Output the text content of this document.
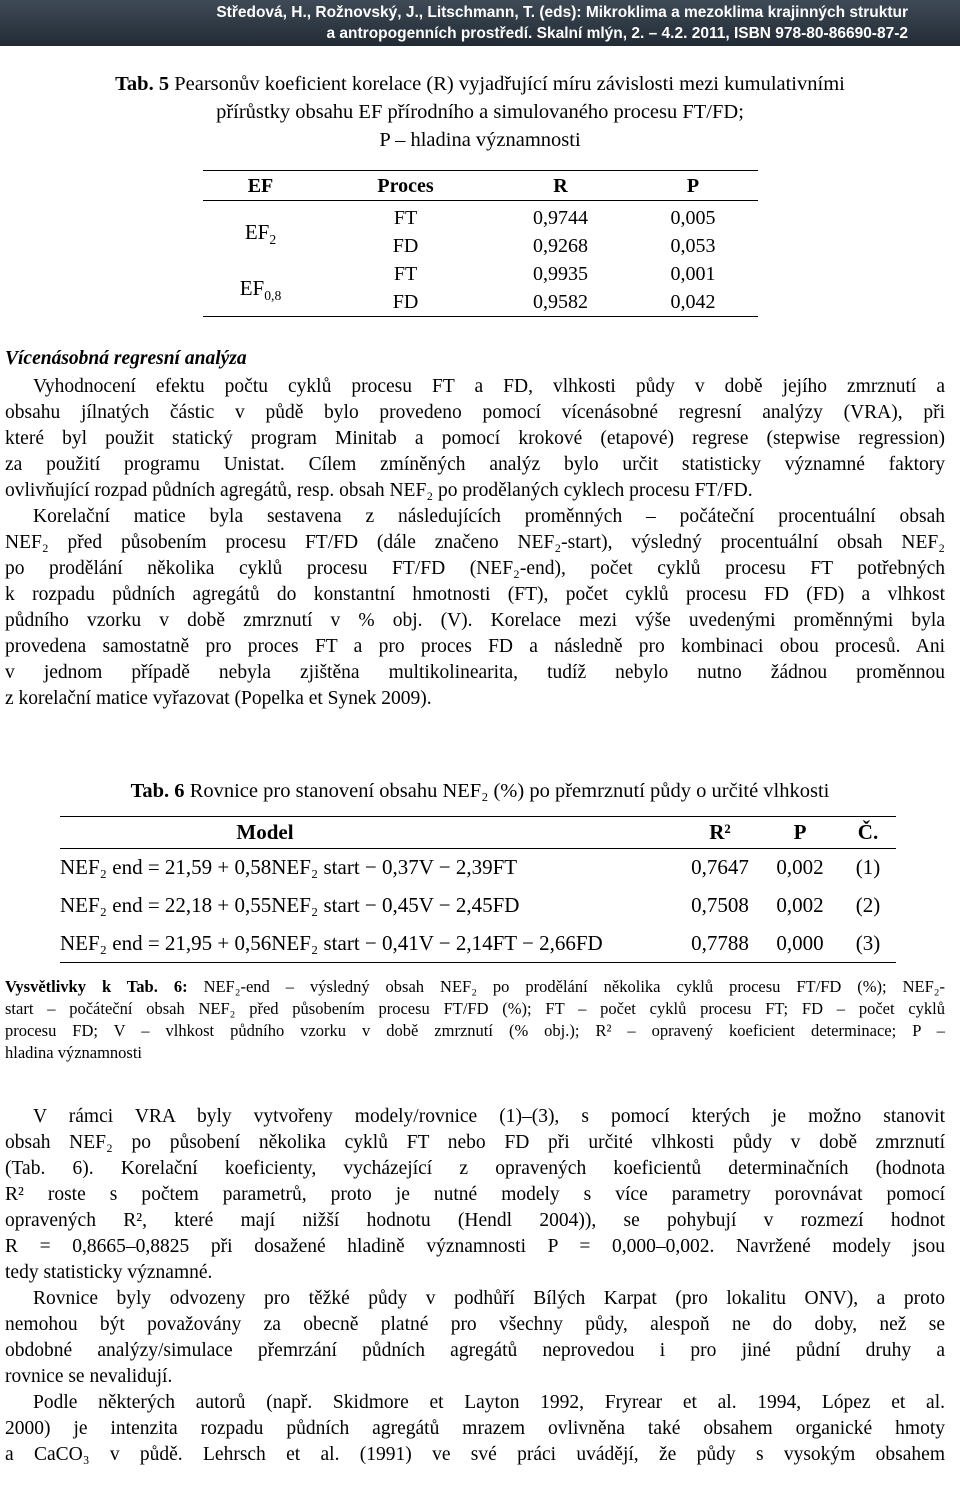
Středová, H., Rožnovský, J., Litschmann, T. (eds): Mikroklima a mezoklima krajinných struktur
a antropogenních prostředí. Skalní mlýn, 2. – 4.2. 2011, ISBN 978-80-86690-87-2
Tab. 5 Pearsonův koeficient korelace (R) vyjadřující míru závislosti mezi kumulativními
přírůstky obsahu EF přírodního a simulovaného procesu FT/FD;
P – hladina významnosti
EF	Proces	R	P

$EF_2$	FT	0,9744	0,005
	FD	0,9268	0,053
$EF_{0,8}$	FT	0,9935	0,001
	FD	0,9582	0,042
Vícenásobná regresní analýza
Vyhodnocení efektu počtu cyklů procesu FT a FD, vlhkosti půdy v době jejího zmrznutí a
obsahu jílnatých částic v půdě bylo provedeno pomocí vícenásobné regresní analýzy (VRA), při
které byl použit statický program Minitab a pomocí krokové (etapové) regrese (stepwise regression)
za použití programu Unistat. Cílem zmíněných analýz bylo určit statisticky významné faktory
ovlivňující rozpad půdních agregátů, resp. obsah NEF₂ po prodělaných cyklech procesu FT/FD.
Korelační matice byla sestavena z následujících proměnných – počáteční procentuální obsah
NEF₂ před působením procesu FT/FD (dále značeno NEF₂-start), výsledný procentuální obsah NEF₂
po prodělání několika cyklů procesu FT/FD (NEF₂-end), počet cyklů procesu FT potřebných
k rozpadu půdních agregátů do konstantní hmotnosti (FT), počet cyklů procesu FD (FD) a vlhkost
půdního vzorku v době zmrznutí v % obj. (V). Korelace mezi výše uvedenými proměnnými byla
provedena samostatně pro proces FT a pro proces FD a následně pro kombinaci obou procesů. Ani
v jednom případě nebyla zjištěna multikolinearita, tudíž nebylo nutno žádnou proměnnou
z korelační matice vyřazovat (Popelka et Synek 2009).
Tab. 6 Rovnice pro stanovení obsahu NEF₂ (%) po přemrznutí půdy o určité vlhkosti
Model	R²	P	Č.
NEF₂ end = 21,59 + 0,58NEF₂ start − 0,37V − 2,39FT	0,7647	0,002	(1)
NEF₂ end = 22,18 + 0,55NEF₂ start − 0,45V − 2,45FD	0,7508	0,002	(2)
NEF₂ end = 21,95 + 0,56NEF₂ start − 0,41V − 2,14FT − 2,66FD	0,7788	0,000	(3)
Vysvětlivky k Tab. 6: NEF₂-end – výsledný obsah NEF₂ po prodělání několika cyklů procesu FT/FD (%); NEF₂-
start – počáteční obsah NEF₂ před působením procesu FT/FD (%); FT – počet cyklů procesu FT; FD – počet cyklů
procesu FD; V – vlhkost půdního vzorku v době zmrznutí (% obj.); R² – opravený koeficient determinace; P –
hladina významnosti
V rámci VRA byly vytvořeny modely/rovnice (1)–(3), s pomocí kterých je možno stanovit
obsah NEF₂ po působení několika cyklů FT nebo FD při určité vlhkosti půdy v době zmrznutí
(Tab. 6). Korelační koeficienty, vycházející z opravených koeficientů determinačních (hodnota
R² roste s počtem parametrů, proto je nutné modely s více parametry porovnávat pomocí
opravených R², které mají nižší hodnotu (Hendl 2004)), se pohybují v rozmezí hodnot
R = 0,8665–0,8825 při dosažené hladině významnosti P = 0,000–0,002. Navržené modely jsou
tedy statisticky významné.
Rovnice byly odvozeny pro těžké půdy v podhůří Bílých Karpat (pro lokalitu ONV), a proto
nemohou být považovány za obecně platné pro všechny půdy, alespoň ne do doby, než se
obdobné analýzy/simulace přemrzání půdních agregátů neprovedou i pro jiné půdní druhy a
rovnice se nevalidují.
Podle některých autorů (např. Skidmore et Layton 1992, Fryrear et al. 1994, López et al.
2000) je intenzita rozpadu půdních agregátů mrazem ovlivněna také obsahem organické hmoty
a CaCO₃ v půdě. Lehrsch et al. (1991) ve své práci uvádějí, že půdy s vysokým obsahem
